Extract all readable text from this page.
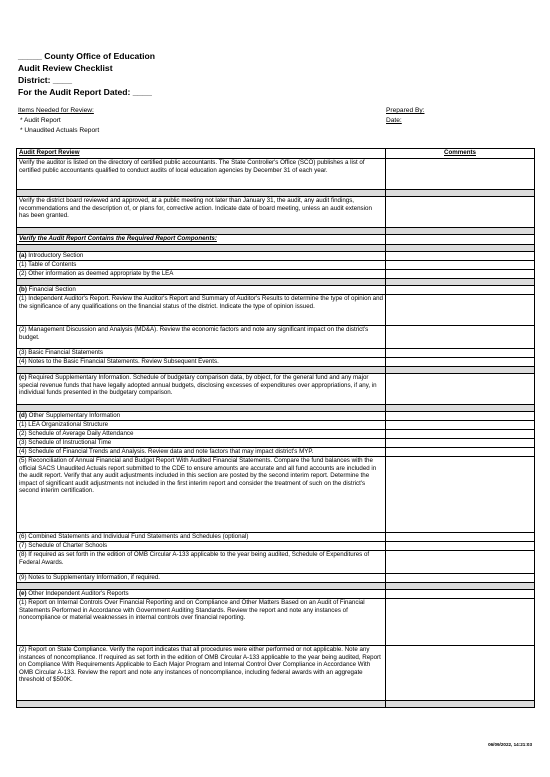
_____ County Office of Education
Audit Review Checklist
District: ____
For the Audit Report Dated: ____
Items Needed for Review:
* Audit Report
* Unaudited Actuals Report
Prepared By:
Date:
Audit Report Review	Comments
Verify the auditor is listed on the directory of certified public accountants. The State Controller's Office (SCO) publishes a list of certified public accountants qualified to conduct audits of local education agencies by December 31 of each year.	

Verify the district board reviewed and approved, at a public meeting not later than January 31, the audit, any audit findings, recommendations and the description of, or plans for, corrective action. Indicate date of board meeting, unless an audit extension has been granted.	

Verify the Audit Report Contains the Required Report Components:	

(a) Introductory Section	
(1) Table of Contents	
(2) Other information as deemed appropriate by the LEA	

(b) Financial Section	
(1) Independent Auditor's Report. Review the Auditor's Report and Summary of Auditor's Results to determine the type of opinion and the significance of any qualifications on the financial status of the district. Indicate the type of opinion issued.	
(2) Management Discussion and Analysis (MD&A). Review the economic factors and note any significant impact on the district's budget.	
(3) Basic Financial Statements	
(4) Notes to the Basic Financial Statements. Review Subsequent Events.	

(c) Required Supplementary Information. Schedule of budgetary comparison data, by object, for the general fund and any major special revenue funds that have legally adopted annual budgets, disclosing excesses of expenditures over appropriations, if any, in individual funds presented in the budgetary comparison.	

(d) Other Supplementary Information	
(1) LEA Organizational Structure	
(2) Schedule of Average Daily Attendance	
(3) Schedule of Instructional Time	
(4) Schedule of Financial Trends and Analysis. Review data and note factors that may impact district's MYP.	
(5) Reconciliation of Annual Financial and Budget Report With Audited Financial Statements. Compare the fund balances with the official SACS Unaudited Actuals report submitted to the CDE to ensure amounts are accurate and all fund accounts are included in the audit report. Verify that any audit adjustments included in this section are posted by the second interim report. Determine the impact of significant audit adjustments not included in the first interim report and consider the treatment of such on the district's second interim certification.	
(6) Combined Statements and Individual Fund Statements and Schedules (optional)	
(7) Schedule of Charter Schools	
(8) If required as set forth in the edition of OMB Circular A-133 applicable to the year being audited, Schedule of Expenditures of Federal Awards.	
(9) Notes to Supplementary Information, if required.	

(e) Other Independent Auditor's Reports	
(1) Report on Internal Controls Over Financial Reporting and on Compliance and Other Matters Based on an Audit of Financial Statements Performed in Accordance with Government Auditing Standards. Review the report and note any instances of noncompliance or material weaknesses in internal controls over financial reporting.	
(2) Report on State Compliance. Verify the report indicates that all procedures were either performed or not applicable. Note any instances of noncompliance. If required as set forth in the edition of OMB Circular A-133 applicable to the year being audited, Report on Compliance With Requirements Applicable to Each Major Program and Internal Control Over Compliance in Accordance With OMB Circular A-133. Review the report and note any instances of noncompliance, including federal awards with an aggregate threshold of $500K.	

06/09/2022, 14:21:03
